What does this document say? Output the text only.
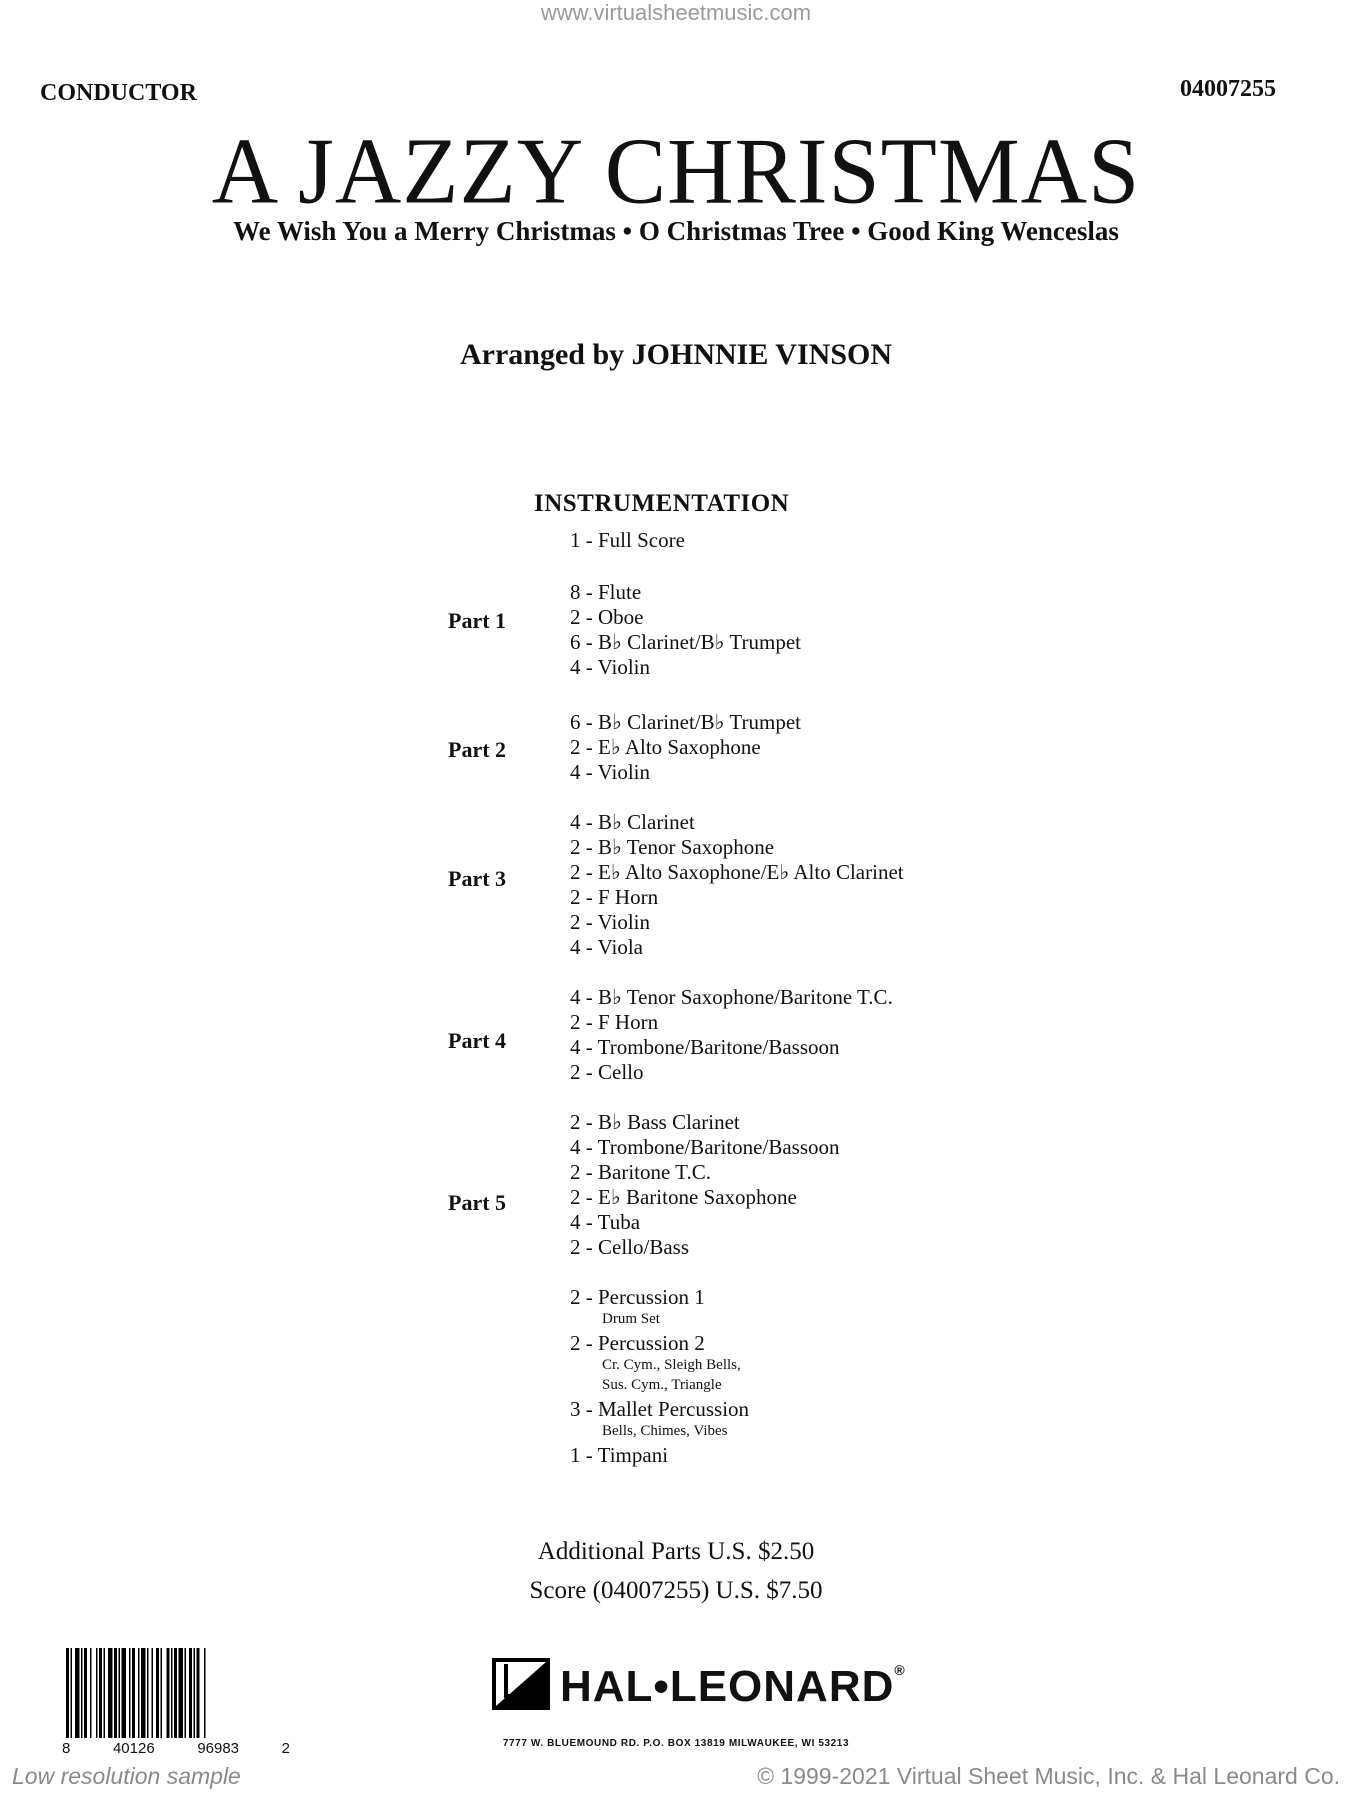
www.virtualsheetmusic.com
CONDUCTOR	04007255
A JAZZY CHRISTMAS
We Wish You a Merry Christmas • O Christmas Tree • Good King Wenceslas
Arranged by JOHNNIE VINSON
INSTRUMENTATION
1 - Full Score
Part 1
8 - Flute
2 - Oboe
6 - B♭ Clarinet/B♭ Trumpet
4 - Violin
Part 2
6 - B♭ Clarinet/B♭ Trumpet
2 - E♭ Alto Saxophone
4 - Violin
Part 3
4 - B♭ Clarinet
2 - B♭ Tenor Saxophone
2 - E♭ Alto Saxophone/E♭ Alto Clarinet
2 - F Horn
2 - Violin
4 - Viola
Part 4
4 - B♭ Tenor Saxophone/Baritone T.C.
2 - F Horn
4 - Trombone/Baritone/Bassoon
2 - Cello
Part 5
2 - B♭ Bass Clarinet
4 - Trombone/Baritone/Bassoon
2 - Baritone T.C.
2 - E♭ Baritone Saxophone
4 - Tuba
2 - Cello/Bass
2 - Percussion 1
Drum Set
2 - Percussion 2
Cr. Cym., Sleigh Bells,
Sus. Cym., Triangle
3 - Mallet Percussion
Bells, Chimes, Vibes
1 - Timpani
Additional Parts U.S. $2.50
Score (04007255) U.S. $7.50
8	40126	96983	2
HAL•LEONARD®
7777 W. BLUEMOUND RD. P.O. BOX 13819 MILWAUKEE, WI 53213
Low resolution sample	© 1999-2021 Virtual Sheet Music, Inc. & Hal Leonard Co.
